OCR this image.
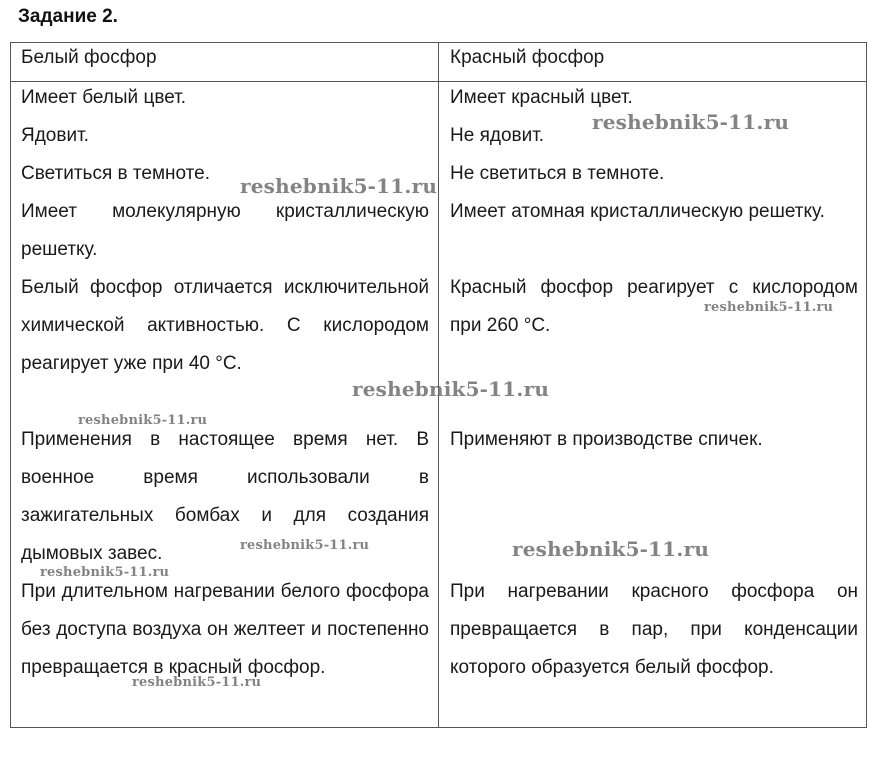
Задание 2.
Белый фосфор	Красный фосфор

Имеет белый цвет.

Ядовит.

Светиться в темноте.

Имеет молекулярную кристаллическую решетку.

Белый фосфор отличается исключительной химической активностью. С кислородом реагирует уже при 40 °С.

Применения в настоящее время нет. В военное время использовали в зажигательных бомбах и для создания дымовых завес.

При длительном нагревании белого фосфора без доступа воздуха он желтеет и постепенно превращается в красный фосфор.

Имеет красный цвет.

Не ядовит.

Не светиться в темноте.

Имеет атомная кристаллическую решетку.

Красный фосфор реагирует с кислородом при 260 °С.

Применяют в производстве спичек.

При нагревании красного фосфора он превращается в пар, при конденсации которого образуется белый фосфор.

reshebnik5-11.ru
reshebnik5-11.ru
reshebnik5-11.ru
reshebnik5-11.ru
reshebnik5-11.ru
reshebnik5-11.ru	reshebnik5-11.ru
reshebnik5-11.ru
reshebnik5-11.ru
